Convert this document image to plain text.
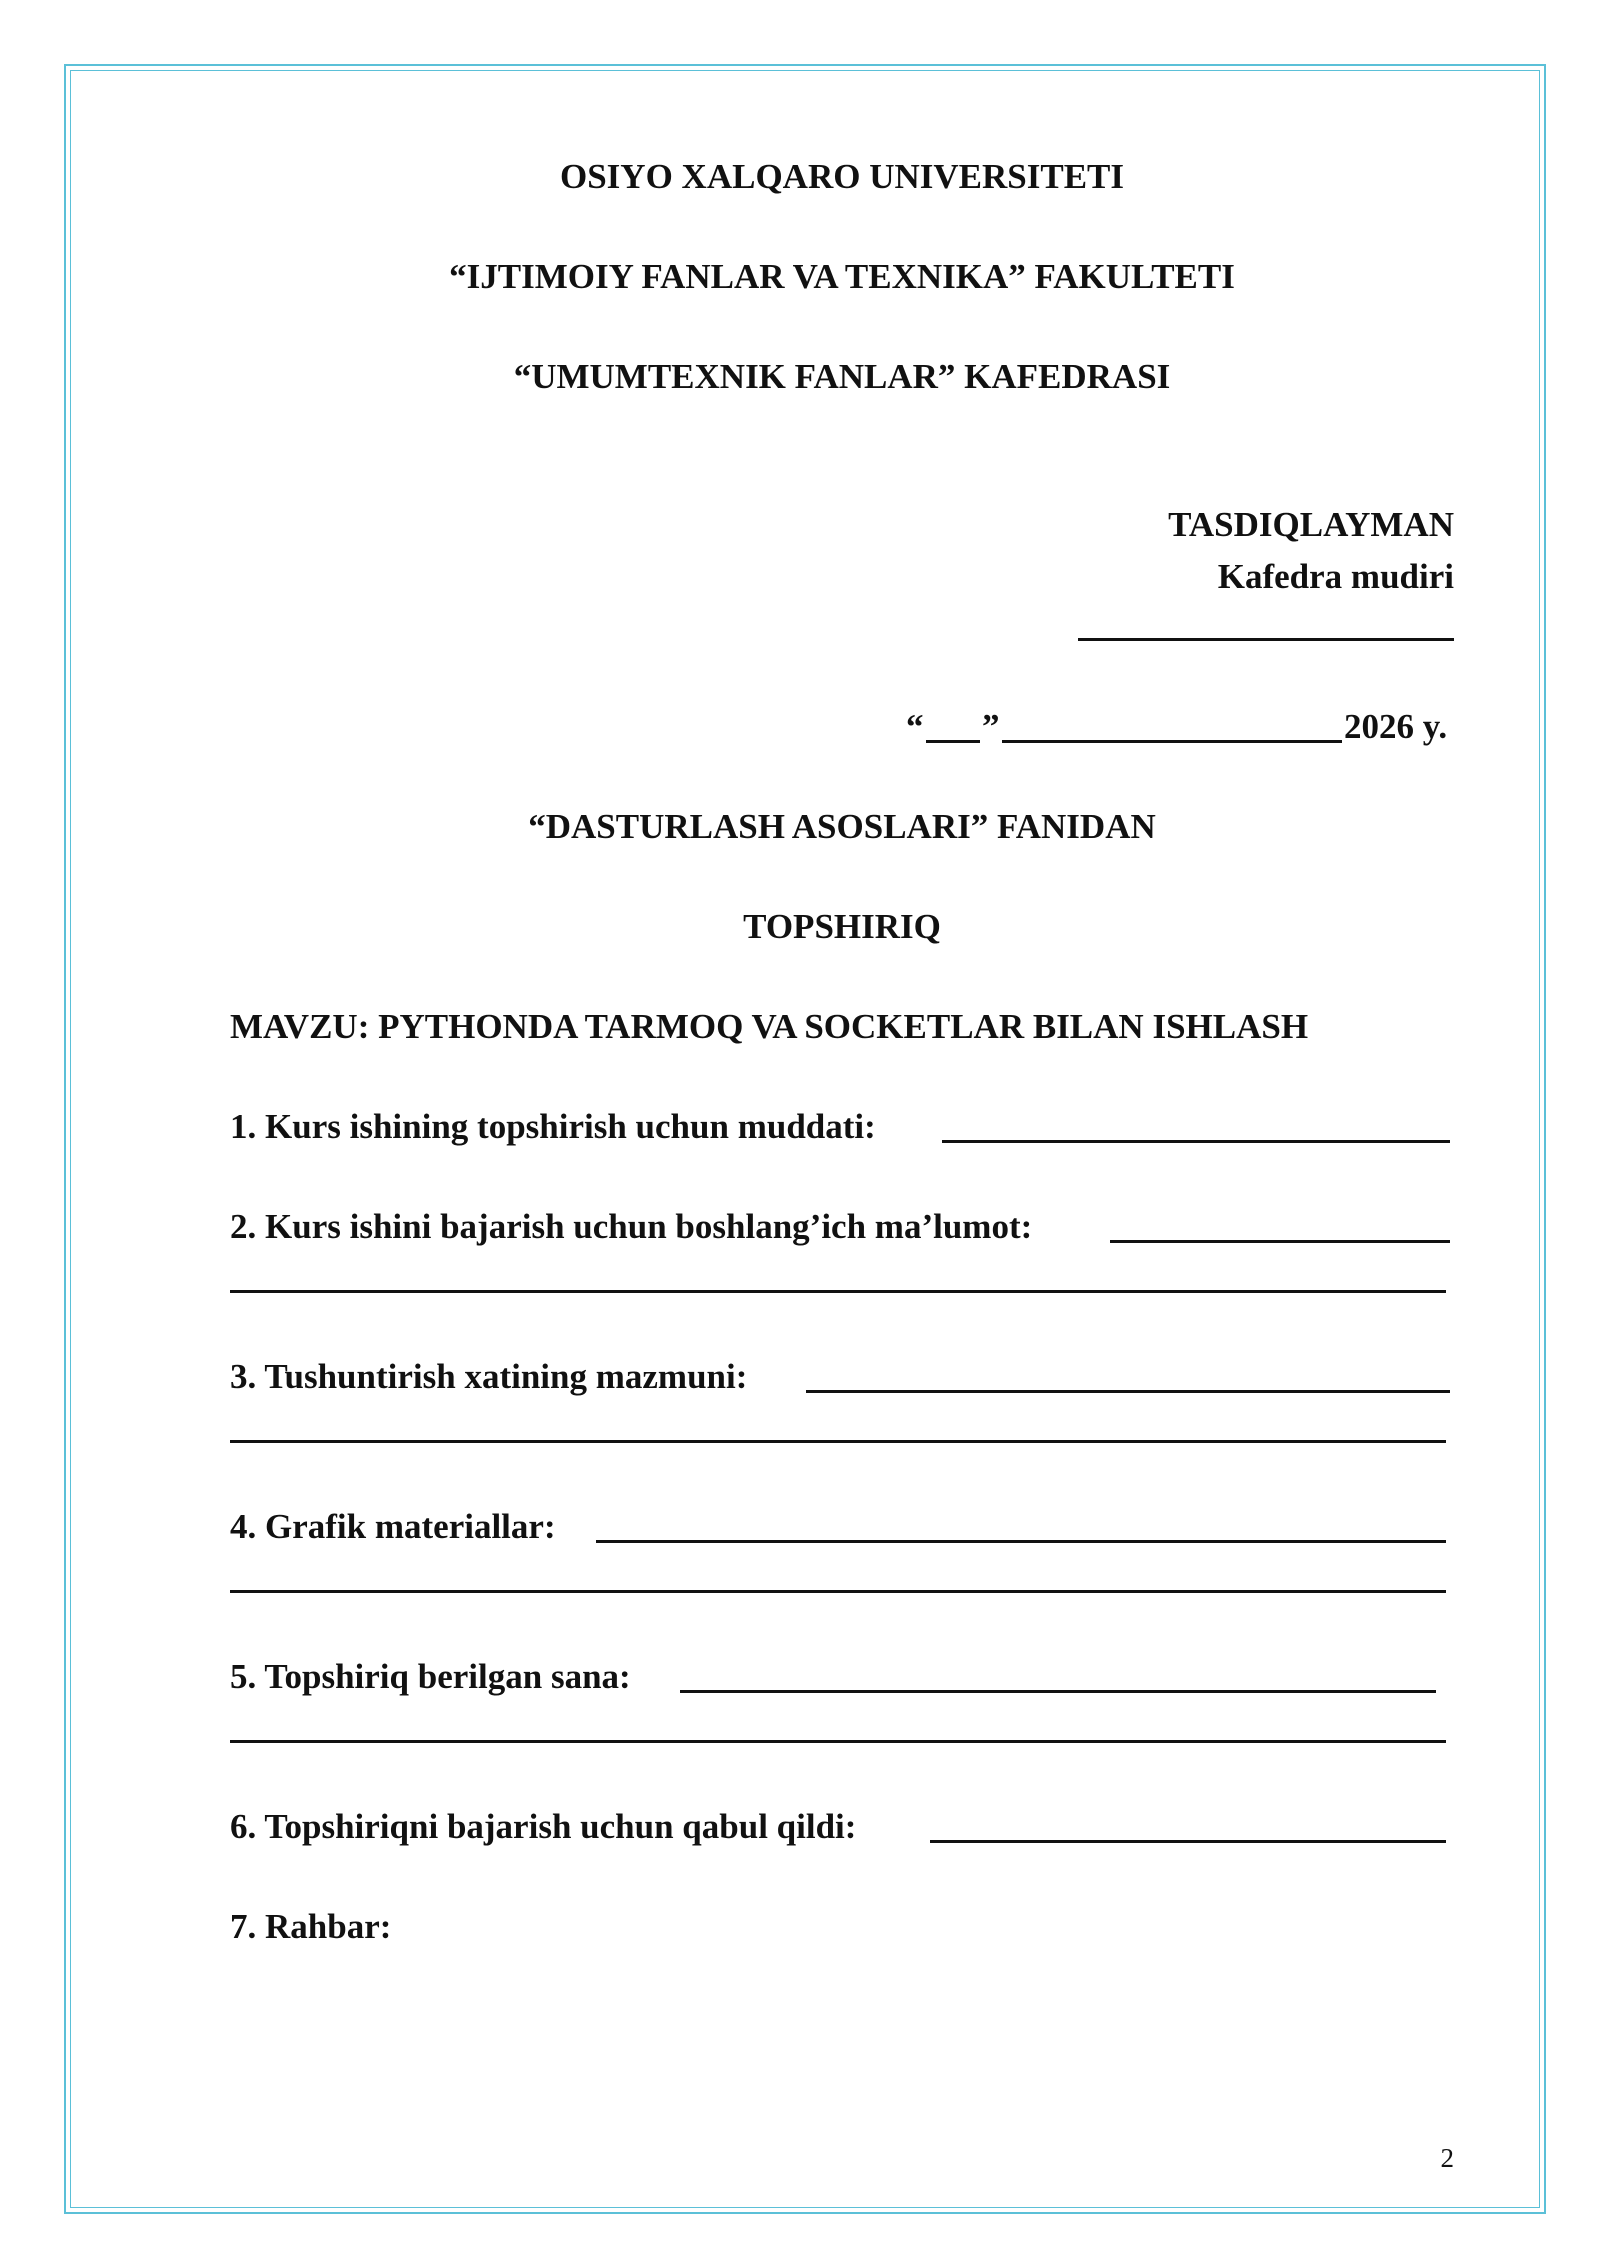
OSIYO XALQARO UNIVERSITETI
“IJTIMOIY FANLAR VA TEXNIKA” FAKULTETI
“UMUMTEXNIK FANLAR” KAFEDRASI
TASDIQLAYMAN
Kafedra mudiri
“ ”	2026 y.
“DASTURLASH ASOSLARI” FANIDAN
TOPSHIRIQ
MAVZU: PYTHONDA TARMOQ VA SOCKETLAR BILAN ISHLASH
1. Kurs ishining topshirish uchun muddati:
2. Kurs ishini bajarish uchun boshlang’ich ma’lumot:
3. Tushuntirish xatining mazmuni:
4. Grafik materiallar:
5. Topshiriq berilgan sana:
6. Topshiriqni bajarish uchun qabul qildi:
7. Rahbar:
2
